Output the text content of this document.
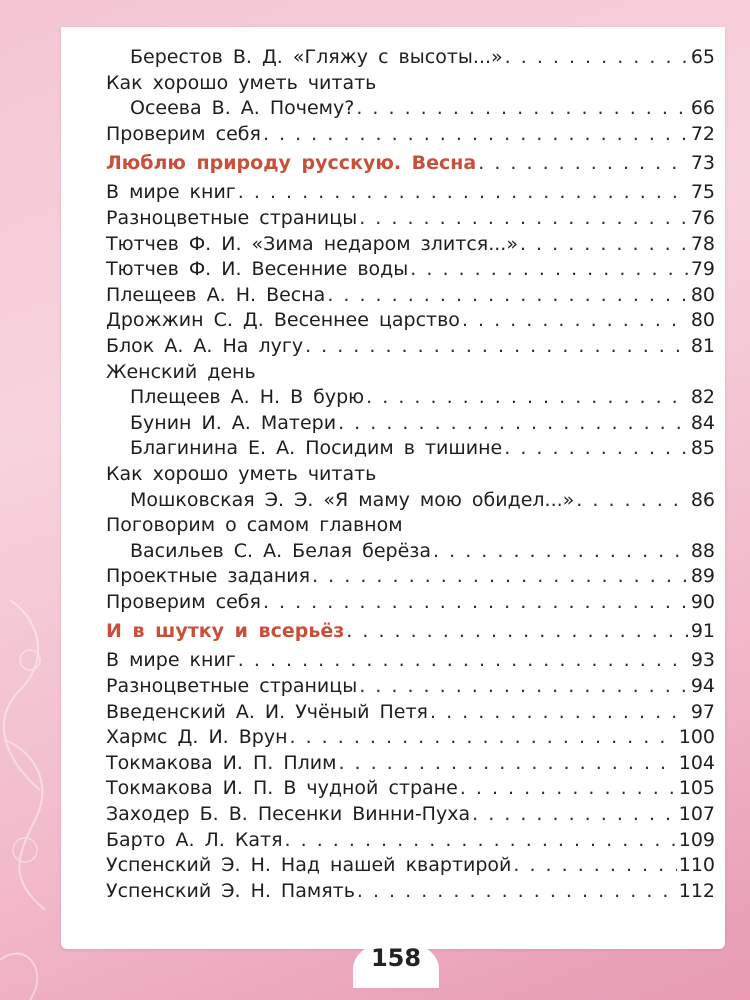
Берестов В. Д. «Гляжу с высоты...» . . .	65
Как хорошо уметь читать
Осеева В. А. Почему? . . .	66
Проверим себя . . .	72
Люблю природу русскую. Весна . . .	73
В мире книг . . .	75
Разноцветные страницы . . .	76
Тютчев Ф. И. «Зима недаром злится...» . . .	78
Тютчев Ф. И. Весенние воды . . .	79
Плещеев А. Н. Весна . . .	80
Дрожжин С. Д. Весеннее царство . . .	80
Блок А. А. На лугу . . .	81
Женский день
Плещеев А. Н. В бурю . . .	82
Бунин И. А. Матери . . .	84
Благинина Е. А. Посидим в тишине . . .	85
Как хорошо уметь читать
Мошковская Э. Э. «Я маму мою обидел...» . . .	86
Поговорим о самом главном
Васильев С. А. Белая берёза . . .	88
Проектные задания . . .	89
Проверим себя . . .	90
И в шутку и всерьёз . . .	91
В мире книг . . .	93
Разноцветные страницы . . .	94
Введенский А. И. Учёный Петя . . .	97
Хармс Д. И. Врун . . .	100
Токмакова И. П. Плим . . .	104
Токмакова И. П. В чудной стране . . .	105
Заходер Б. В. Песенки Винни-Пуха . . .	107
Барто А. Л. Катя . . .	109
Успенский Э. Н. Над нашей квартирой . . .	110
Успенский Э. Н. Память . . .	112
158
